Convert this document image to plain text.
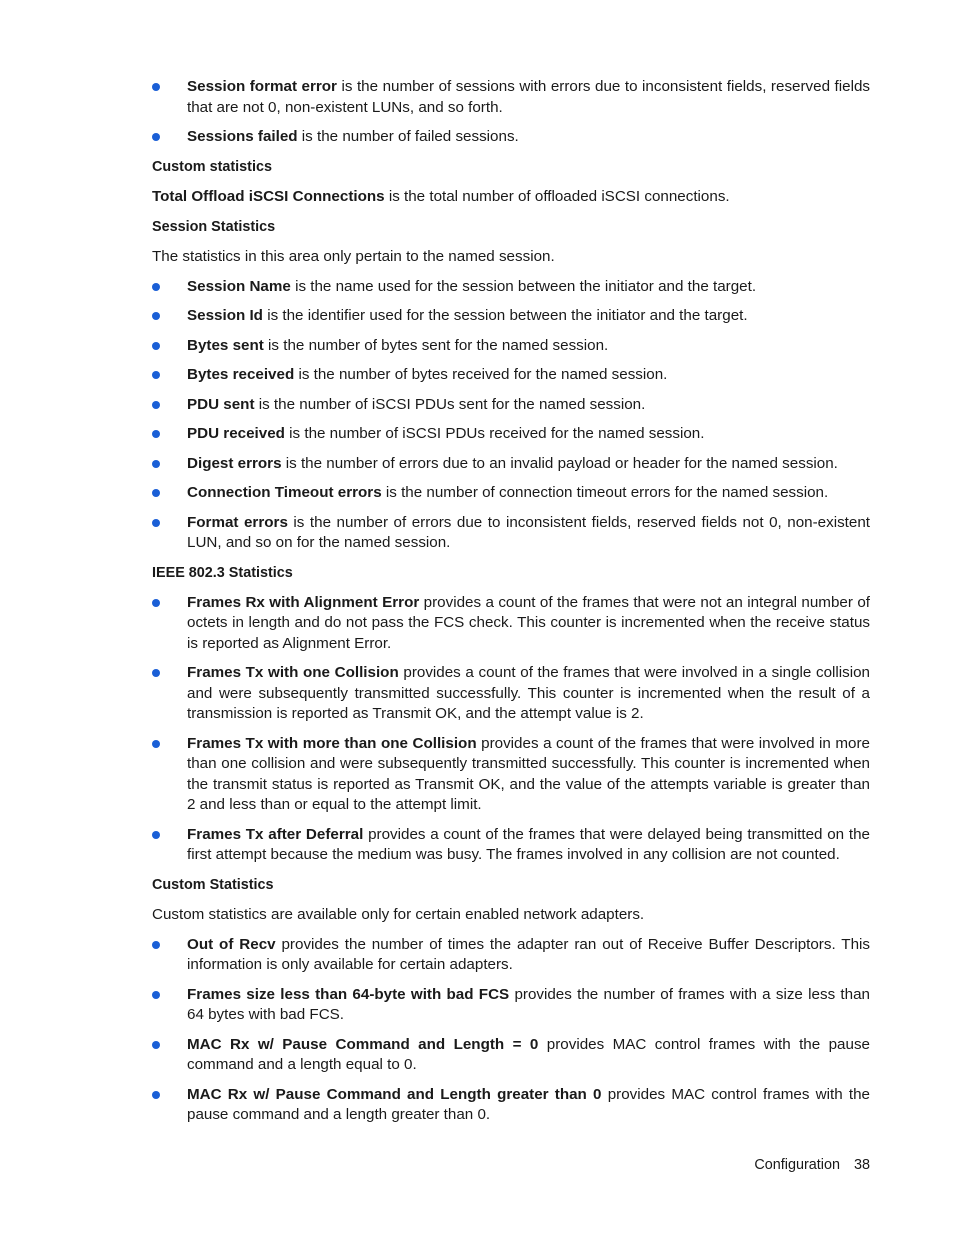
Session format error is the number of sessions with errors due to inconsistent fields, reserved fields that are not 0, non-existent LUNs, and so forth.
Sessions failed is the number of failed sessions.
Custom statistics
Total Offload iSCSI Connections is the total number of offloaded iSCSI connections.
Session Statistics
The statistics in this area only pertain to the named session.
Session Name is the name used for the session between the initiator and the target.
Session Id is the identifier used for the session between the initiator and the target.
Bytes sent is the number of bytes sent for the named session.
Bytes received is the number of bytes received for the named session.
PDU sent is the number of iSCSI PDUs sent for the named session.
PDU received is the number of iSCSI PDUs received for the named session.
Digest errors is the number of errors due to an invalid payload or header for the named session.
Connection Timeout errors is the number of connection timeout errors for the named session.
Format errors is the number of errors due to inconsistent fields, reserved fields not 0, non-existent LUN, and so on for the named session.
IEEE 802.3 Statistics
Frames Rx with Alignment Error provides a count of the frames that were not an integral number of octets in length and do not pass the FCS check. This counter is incremented when the receive status is reported as Alignment Error.
Frames Tx with one Collision provides a count of the frames that were involved in a single collision and were subsequently transmitted successfully. This counter is incremented when the result of a transmission is reported as Transmit OK, and the attempt value is 2.
Frames Tx with more than one Collision provides a count of the frames that were involved in more than one collision and were subsequently transmitted successfully. This counter is incremented when the transmit status is reported as Transmit OK, and the value of the attempts variable is greater than 2 and less than or equal to the attempt limit.
Frames Tx after Deferral provides a count of the frames that were delayed being transmitted on the first attempt because the medium was busy. The frames involved in any collision are not counted.
Custom Statistics
Custom statistics are available only for certain enabled network adapters.
Out of Recv provides the number of times the adapter ran out of Receive Buffer Descriptors. This information is only available for certain adapters.
Frames size less than 64-byte with bad FCS provides the number of frames with a size less than 64 bytes with bad FCS.
MAC Rx w/ Pause Command and Length = 0 provides MAC control frames with the pause command and a length equal to 0.
MAC Rx w/ Pause Command and Length greater than 0 provides MAC control frames with the pause command and a length greater than 0.
Configuration 38
